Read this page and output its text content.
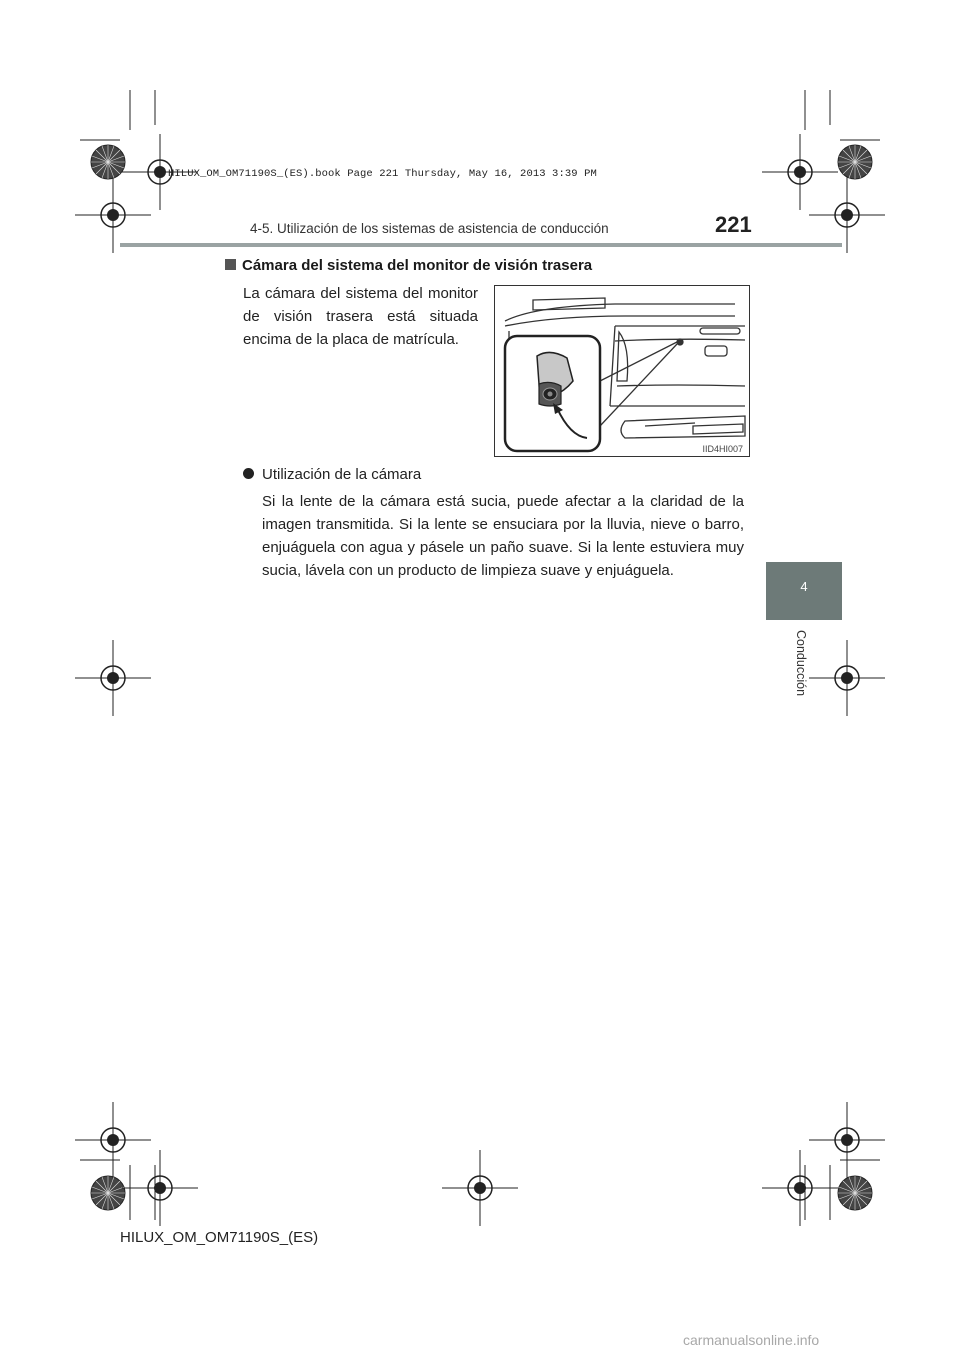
HILUX_OM_OM71190S_(ES).book Page 221 Thursday, May 16, 2013 3:39 PM
4-5. Utilización de los sistemas de asistencia de conducción	221
4
Conducción
Cámara del sistema del monitor de visión trasera
La cámara del sistema del monitor de visión trasera está situada encima de la placa de matrícula.
IID4HI007
Utilización de la cámara
Si la lente de la cámara está sucia, puede afectar a la claridad de la imagen transmitida. Si la lente se ensuciara por la lluvia, nieve o barro, enjuáguela con agua y pásele un paño suave. Si la lente estuviera muy sucia, lávela con un producto de limpieza suave y enjuáguela.
HILUX_OM_OM71190S_(ES)
carmanualsonline.info
